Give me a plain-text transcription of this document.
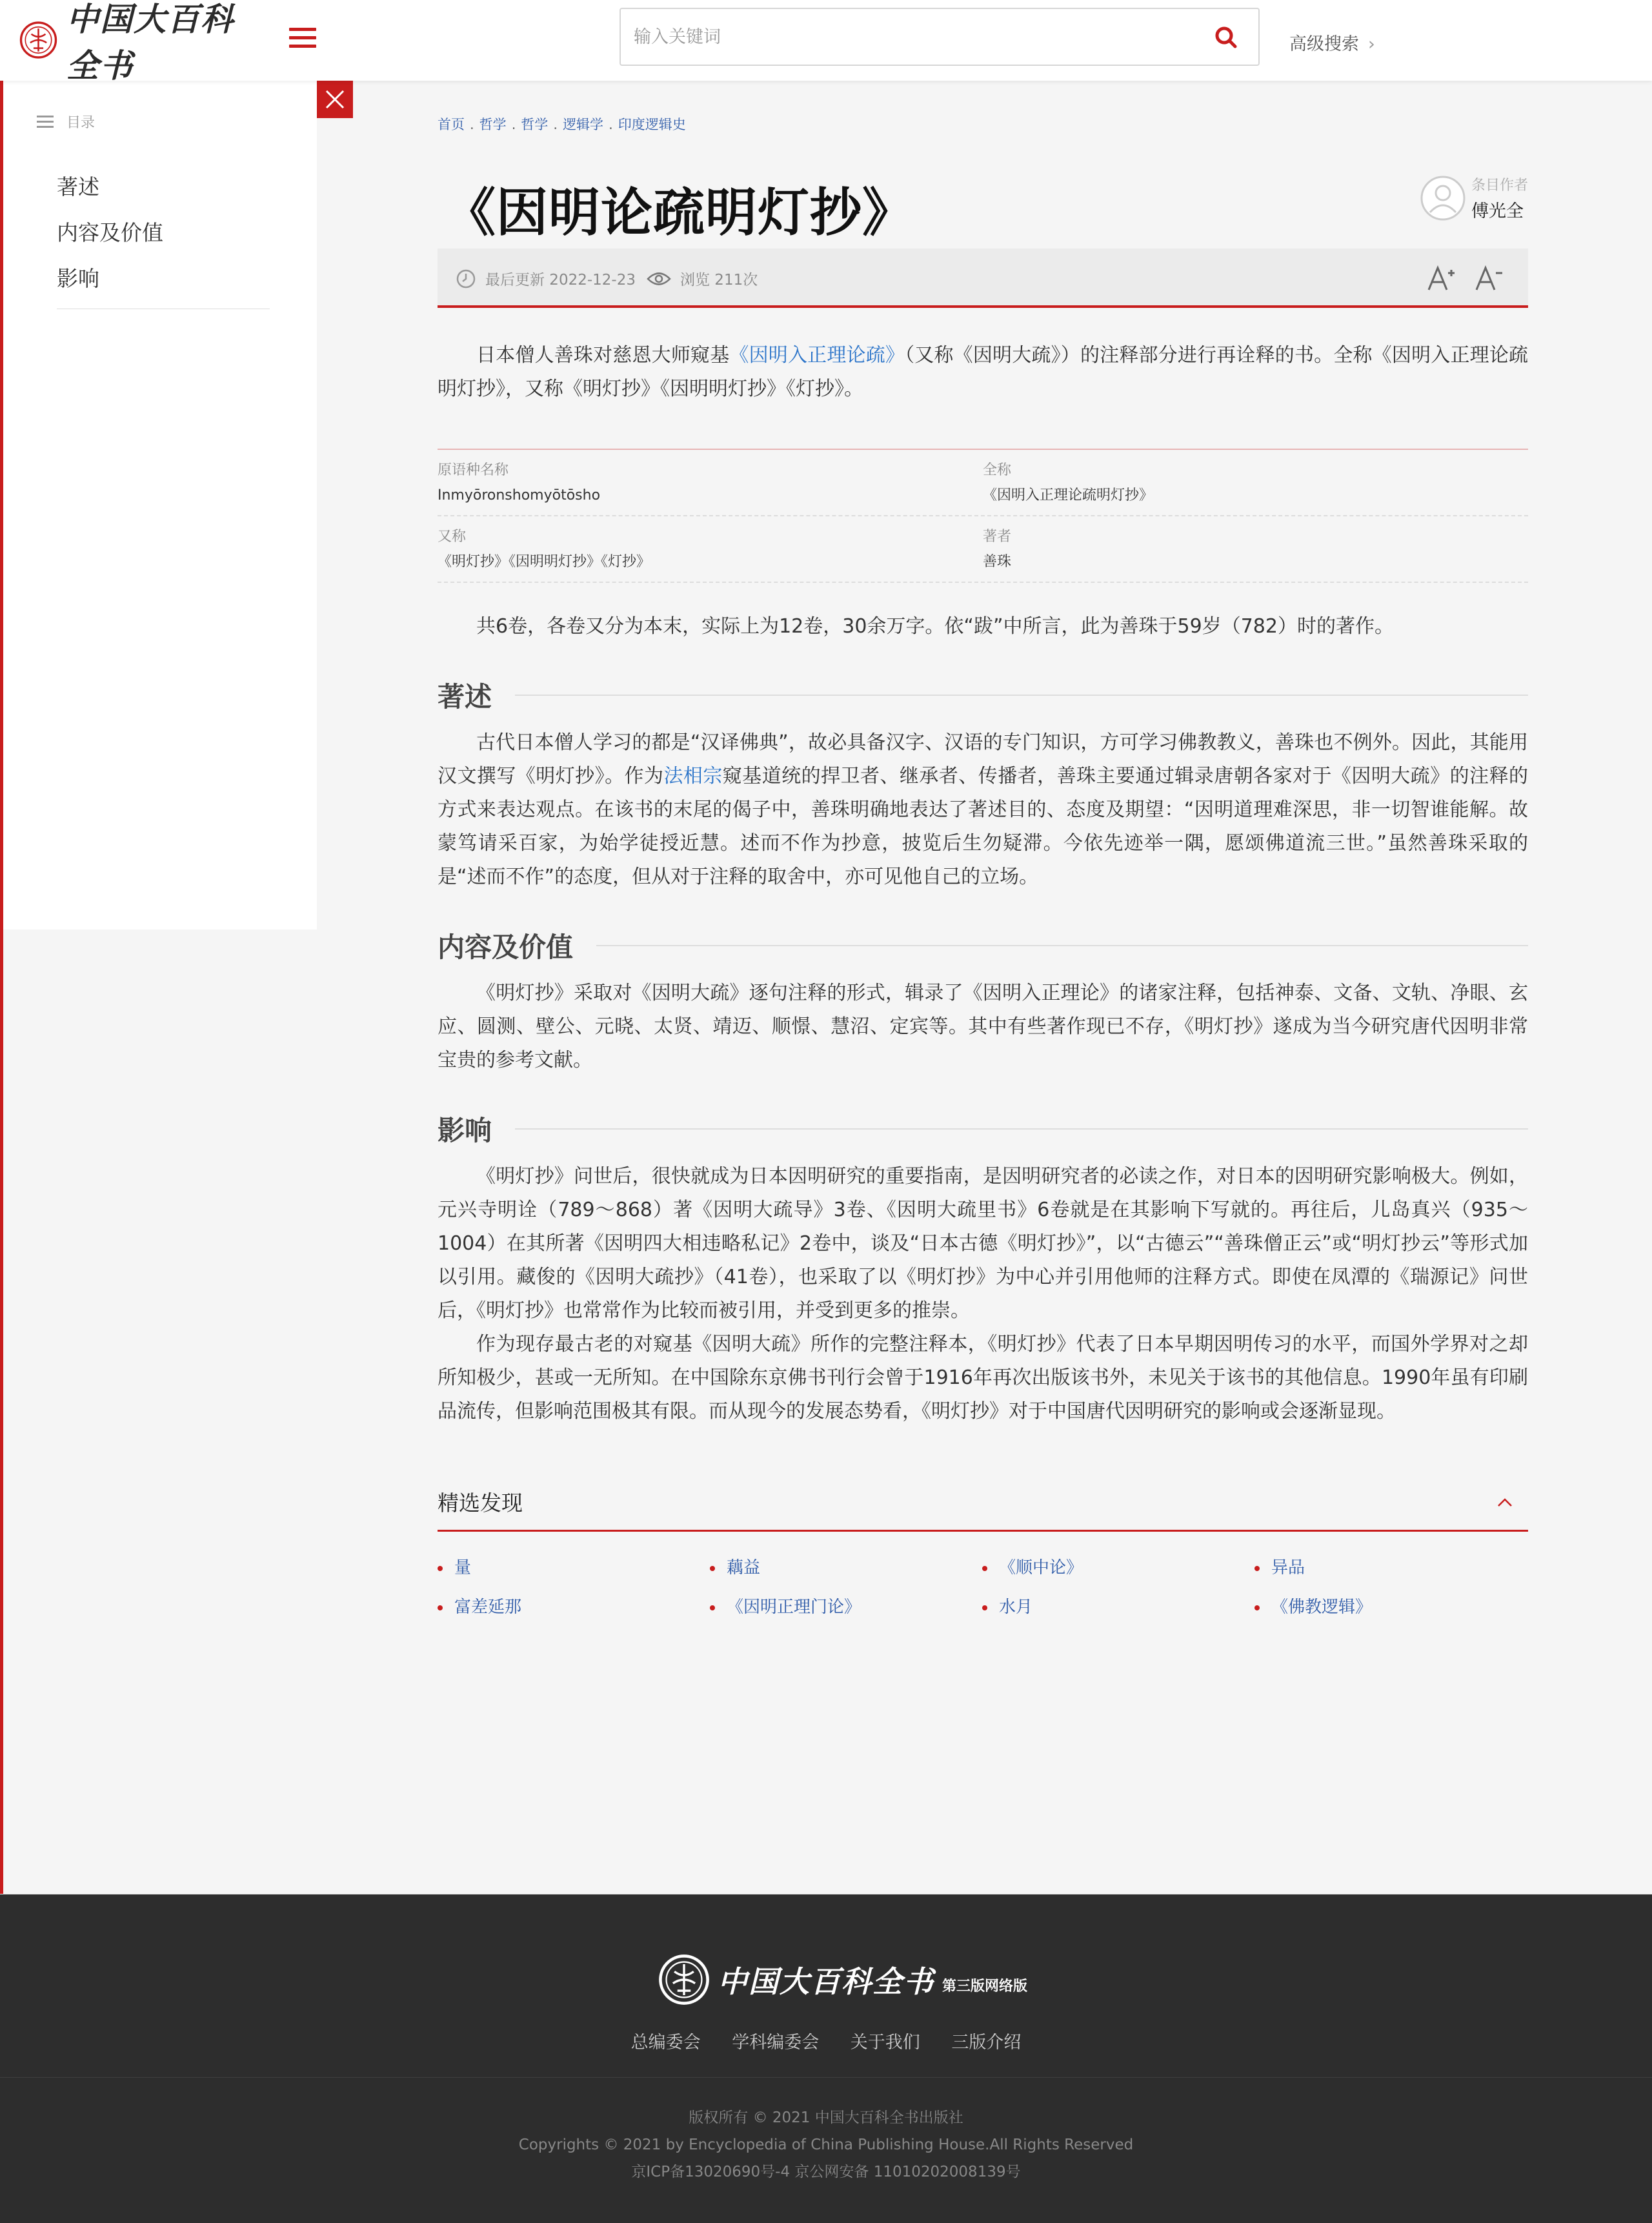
中国大百科全书
输入关键词
高级搜索 ›
目录
著述
内容及价值
影响
首页 . 哲学 . 哲学 . 逻辑学 . 印度逻辑史
《因明论疏明灯抄》	条目作者
傅光全
最后更新 2022-12-23	浏览 211次

日本僧人善珠对慈恩大师窥基《因明入正理论疏》（又称《因明大疏》）的注释部分进行再诠释的书。全称《因明入正理论疏明灯抄》，又称《明灯抄》《因明明灯抄》《灯抄》。

原语种名称
Inmyōronshomyōtōsho
全称
《因明入正理论疏明灯抄》
又称
《明灯抄》《因明明灯抄》《灯抄》
著者
善珠

共6卷，各卷又分为本末，实际上为12卷，30余万字。依“跋”中所言，此为善珠于59岁（782）时的著作。

著述

古代日本僧人学习的都是“汉译佛典”，故必具备汉字、汉语的专门知识，方可学习佛教教义，善珠也不例外。因此，其能用汉文撰写《明灯抄》。作为法相宗窥基道统的捍卫者、继承者、传播者，善珠主要通过辑录唐朝各家对于《因明大疏》的注释的方式来表达观点。在该书的末尾的偈子中，善珠明确地表达了著述目的、态度及期望：“因明道理难深思，非一切智谁能解。故蒙笃请采百家，为始学徒授近慧。述而不作为抄意，披览后生勿疑滞。今依先迹举一隅，愿颂佛道流三世。”虽然善珠采取的是“述而不作”的态度，但从对于注释的取舍中，亦可见他自己的立场。

内容及价值

《明灯抄》采取对《因明大疏》逐句注释的形式，辑录了《因明入正理论》的诸家注释，包括神泰、文备、文轨、净眼、玄应、圆测、壁公、元晓、太贤、靖迈、顺憬、慧沼、定宾等。其中有些著作现已不存，《明灯抄》遂成为当今研究唐代因明非常宝贵的参考文献。

影响

《明灯抄》问世后，很快就成为日本因明研究的重要指南，是因明研究者的必读之作，对日本的因明研究影响极大。例如，元兴寺明诠（789～868）著《因明大疏导》3卷、《因明大疏里书》6卷就是在其影响下写就的。再往后，儿岛真兴（935～1004）在其所著《因明四大相违略私记》2卷中，谈及“日本古德《明灯抄》”，以“古德云”“善珠僧正云”或“明灯抄云”等形式加以引用。藏俊的《因明大疏抄》（41卷），也采取了以《明灯抄》为中心并引用他师的注释方式。即使在凤潭的《瑞源记》问世后，《明灯抄》也常常作为比较而被引用，并受到更多的推崇。

作为现存最古老的对窥基《因明大疏》所作的完整注释本，《明灯抄》代表了日本早期因明传习的水平，而国外学界对之却所知极少，甚或一无所知。在中国除东京佛书刊行会曾于1916年再次出版该书外，未见关于该书的其他信息。1990年虽有印刷品流传，但影响范围极其有限。而从现今的发展态势看，《明灯抄》对于中国唐代因明研究的影响或会逐渐显现。

精选发现
量	藕益	《顺中论》	异品
富差延那	《因明正理门论》	水月	《佛教逻辑》
中国大百科全书 第三版网络版
总编委会 学科编委会 关于我们 三版介绍
版权所有 © 2021 中国大百科全书出版社
Copyrights © 2021 by Encyclopedia of China Publishing House.All Rights Reserved
京ICP备13020690号-4 京公网安备 11010202008139号
